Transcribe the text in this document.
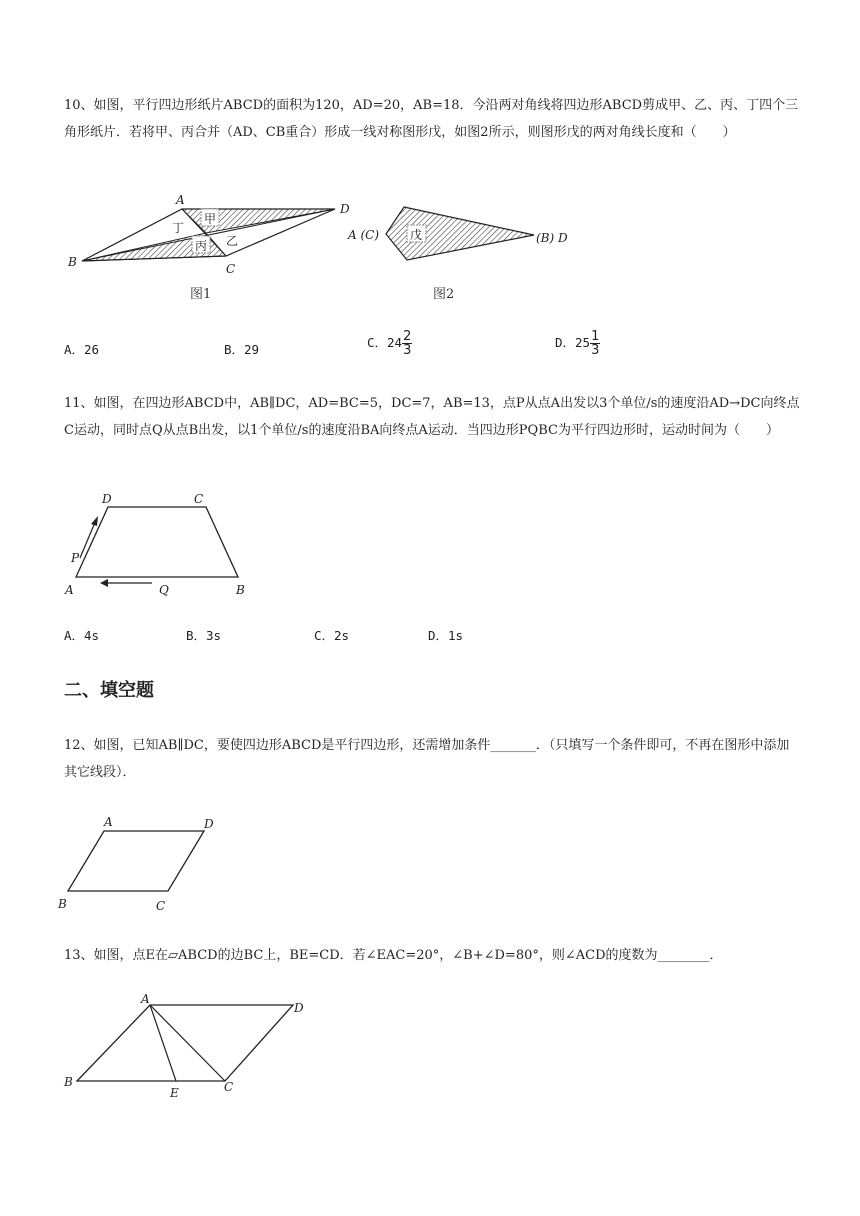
10、如图，平行四边形纸片ABCD的面积为120，AD=20，AB=18．今沿两对角线将四边形ABCD剪成甲、乙、丙、丁四个三角形纸片．若将甲、丙合并（AD、CB重合）形成一线对称图形戊，如图2所示，则图形戊的两对角线长度和（　　）
甲
丙 乙
丁
A
D
B	C
图1
戊
A (C)	(B) D
图2
A．26	B．29	C．$24 \frac{2}{3}$	D．$25 \frac{1}{3}$
11、如图，在四边形ABCD中，AB∥DC，AD=BC=5，DC=7，AB=13，点P从点A出发以3个单位/s的速度沿AD→DC向终点C运动，同时点Q从点B出发，以1个单位/s的速度沿BA向终点A运动．当四边形PQBC为平行四边形时，运动时间为（　　）
D	C
A	B
P
Q
A．4s	B．3s	C．2s	D．1s
二、填空题
12、如图，已知AB∥DC，要使四边形ABCD是平行四边形，还需增加条件_______．（只填写一个条件即可，不再在图形中添加其它线段）．
A	D
B	C
13、如图，点E在▱ABCD的边BC上，BE=CD．若∠EAC=20°，∠B+∠D=80°，则∠ACD的度数为________．
A
D
B
E	C
